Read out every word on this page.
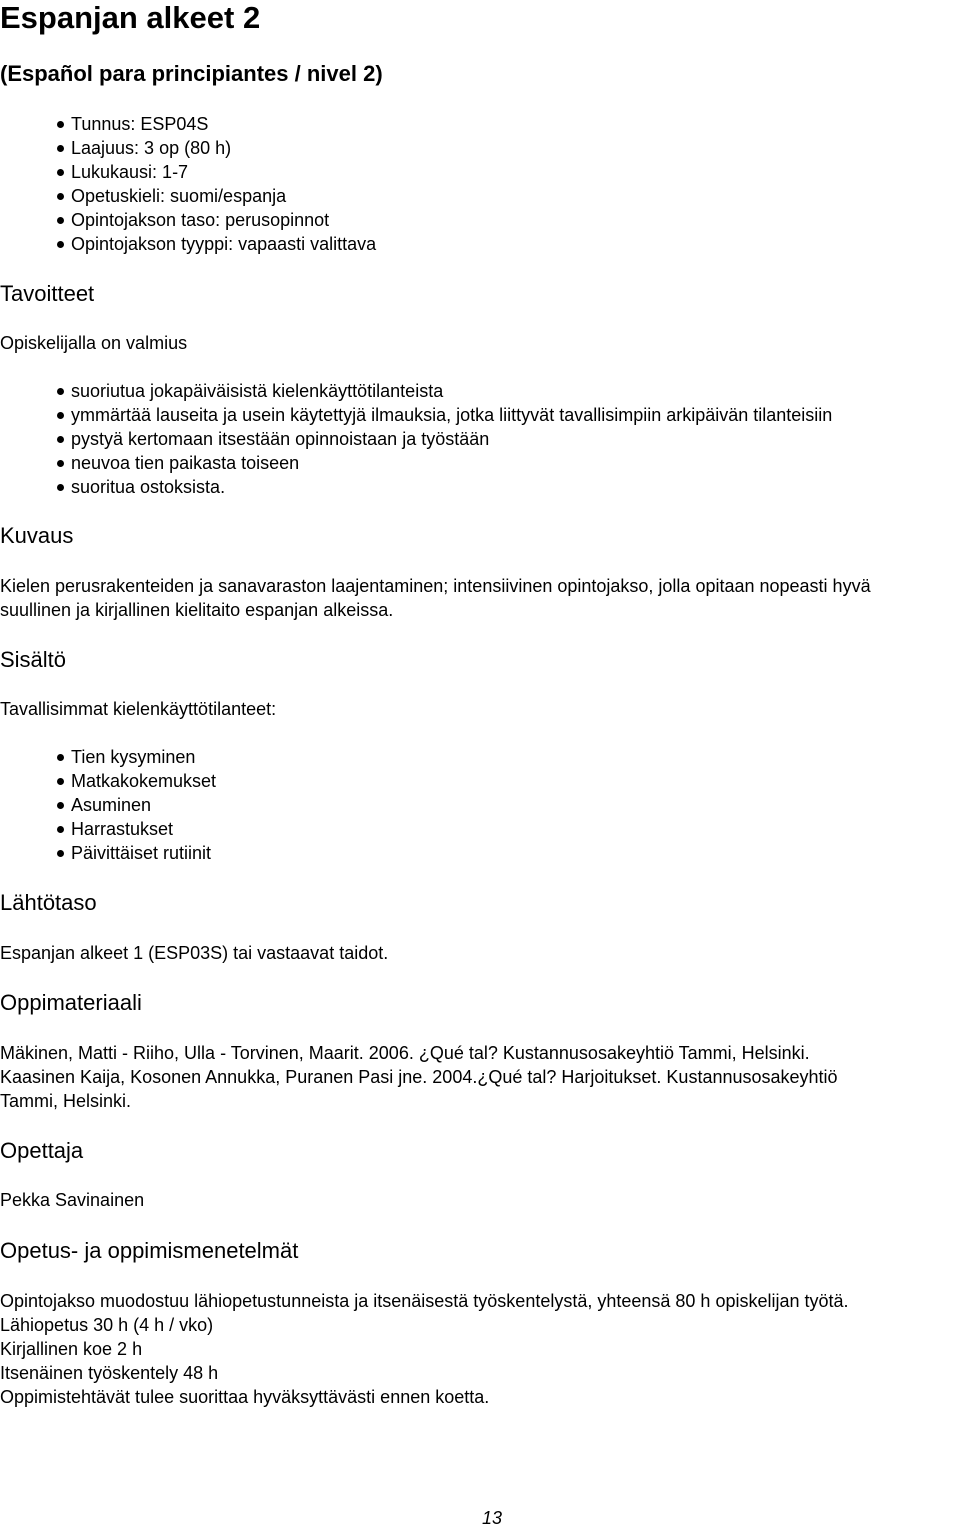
Espanjan alkeet 2

(Español para principiantes / nivel 2)

Tunnus: ESP04S
Laajuus: 3 op (80 h)
Lukukausi: 1-7
Opetuskieli: suomi/espanja
Opintojakson taso: perusopinnot
Opintojakson tyyppi: vapaasti valittava
Tavoitteet

Opiskelijalla on valmius

suoriutua jokapäiväisistä kielenkäyttötilanteista
ymmärtää lauseita ja usein käytettyjä ilmauksia, jotka liittyvät tavallisimpiin arkipäivän tilanteisiin
pystyä kertomaan itsestään opinnoistaan ja työstään
neuvoa tien paikasta toiseen
suoritua ostoksista.
Kuvaus

Kielen perusrakenteiden ja sanavaraston laajentaminen; intensiivinen opintojakso, jolla opitaan nopeasti hyvä

suullinen ja kirjallinen kielitaito espanjan alkeissa.

Sisältö

Tavallisimmat kielenkäyttötilanteet:

Tien kysyminen
Matkakokemukset
Asuminen
Harrastukset
Päivittäiset rutiinit
Lähtötaso

Espanjan alkeet 1 (ESP03S) tai vastaavat taidot.

Oppimateriaali

Mäkinen, Matti - Riiho, Ulla - Torvinen, Maarit. 2006. ¿Qué tal? Kustannusosakeyhtiö Tammi, Helsinki.

Kaasinen Kaija, Kosonen Annukka, Puranen Pasi jne. 2004.¿Qué tal? Harjoitukset. Kustannusosakeyhtiö

Tammi, Helsinki.

Opettaja

Pekka Savinainen

Opetus- ja oppimismenetelmät

Opintojakso muodostuu lähiopetustunneista ja itsenäisestä työskentelystä, yhteensä 80 h opiskelijan työtä.

Lähiopetus 30 h (4 h / vko)

Kirjallinen koe 2 h

Itsenäinen työskentely 48 h

Oppimistehtävät tulee suorittaa hyväksyttävästi ennen koetta.

13
